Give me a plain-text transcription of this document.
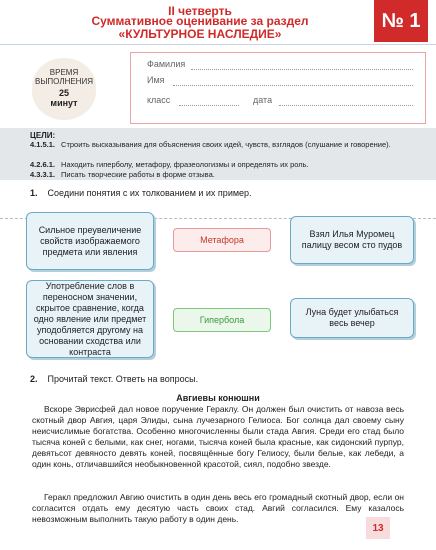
II четверть
Суммативное оценивание за раздел
«КУЛЬТУРНОЕ НАСЛЕДИЕ»
№ 1
ВРЕМЯ
ВЫПОЛНЕНИЯ
25
минут
Фамилия
Имя
класс	дата
ЦЕЛИ:
4.1.5.1. Строить высказывания для объяснения своих идей, чувств, взглядов (слушание и говорение).
4.2.6.1. Находить гиперболу, метафору, фразеологизмы и определять их роль.
4.3.3.1. Писать творческие работы в форме отзыва.
1. Соедини понятия с их толкованием и их пример.
Сильное преувеличение свойств изображаемого предмета или явления
Метафора
Взял Илья Муромец палицу весом сто пудов
Употребление слов в переносном значении, скрытое сравнение, когда одно явление или предмет уподобляется другому на основании сходства или контраста
Гипербола
Луна будет улыбаться весь вечер
2. Прочитай текст. Ответь на вопросы.
Авгиевы конюшни
Вскоре Эврисфей дал новое поручение Гераклу. Он должен был очистить от навоза весь скотный двор Авгия, царя Элиды, сына лучезарного Гелиоса. Бог солнца дал своему сыну неисчислимые богатства. Особенно многочисленны были стада Авгия. Среди его стад было тысяча коней с белыми, как снег, ногами, тысяча коней была красные, как сидонский пурпур, девятьсот девяносто девять коней, посвящённые богу Гелиосу, были белые, как лебеди, а один конь, отличавшийся необыкновенной красотой, сиял, подобно звезде.
Геракл предложил Авгию очистить в один день весь его громадный скотный двор, если он согласится отдать ему десятую часть своих стад. Авгий согласился. Ему казалось невозможным выполнить такую работу в один день.
13
